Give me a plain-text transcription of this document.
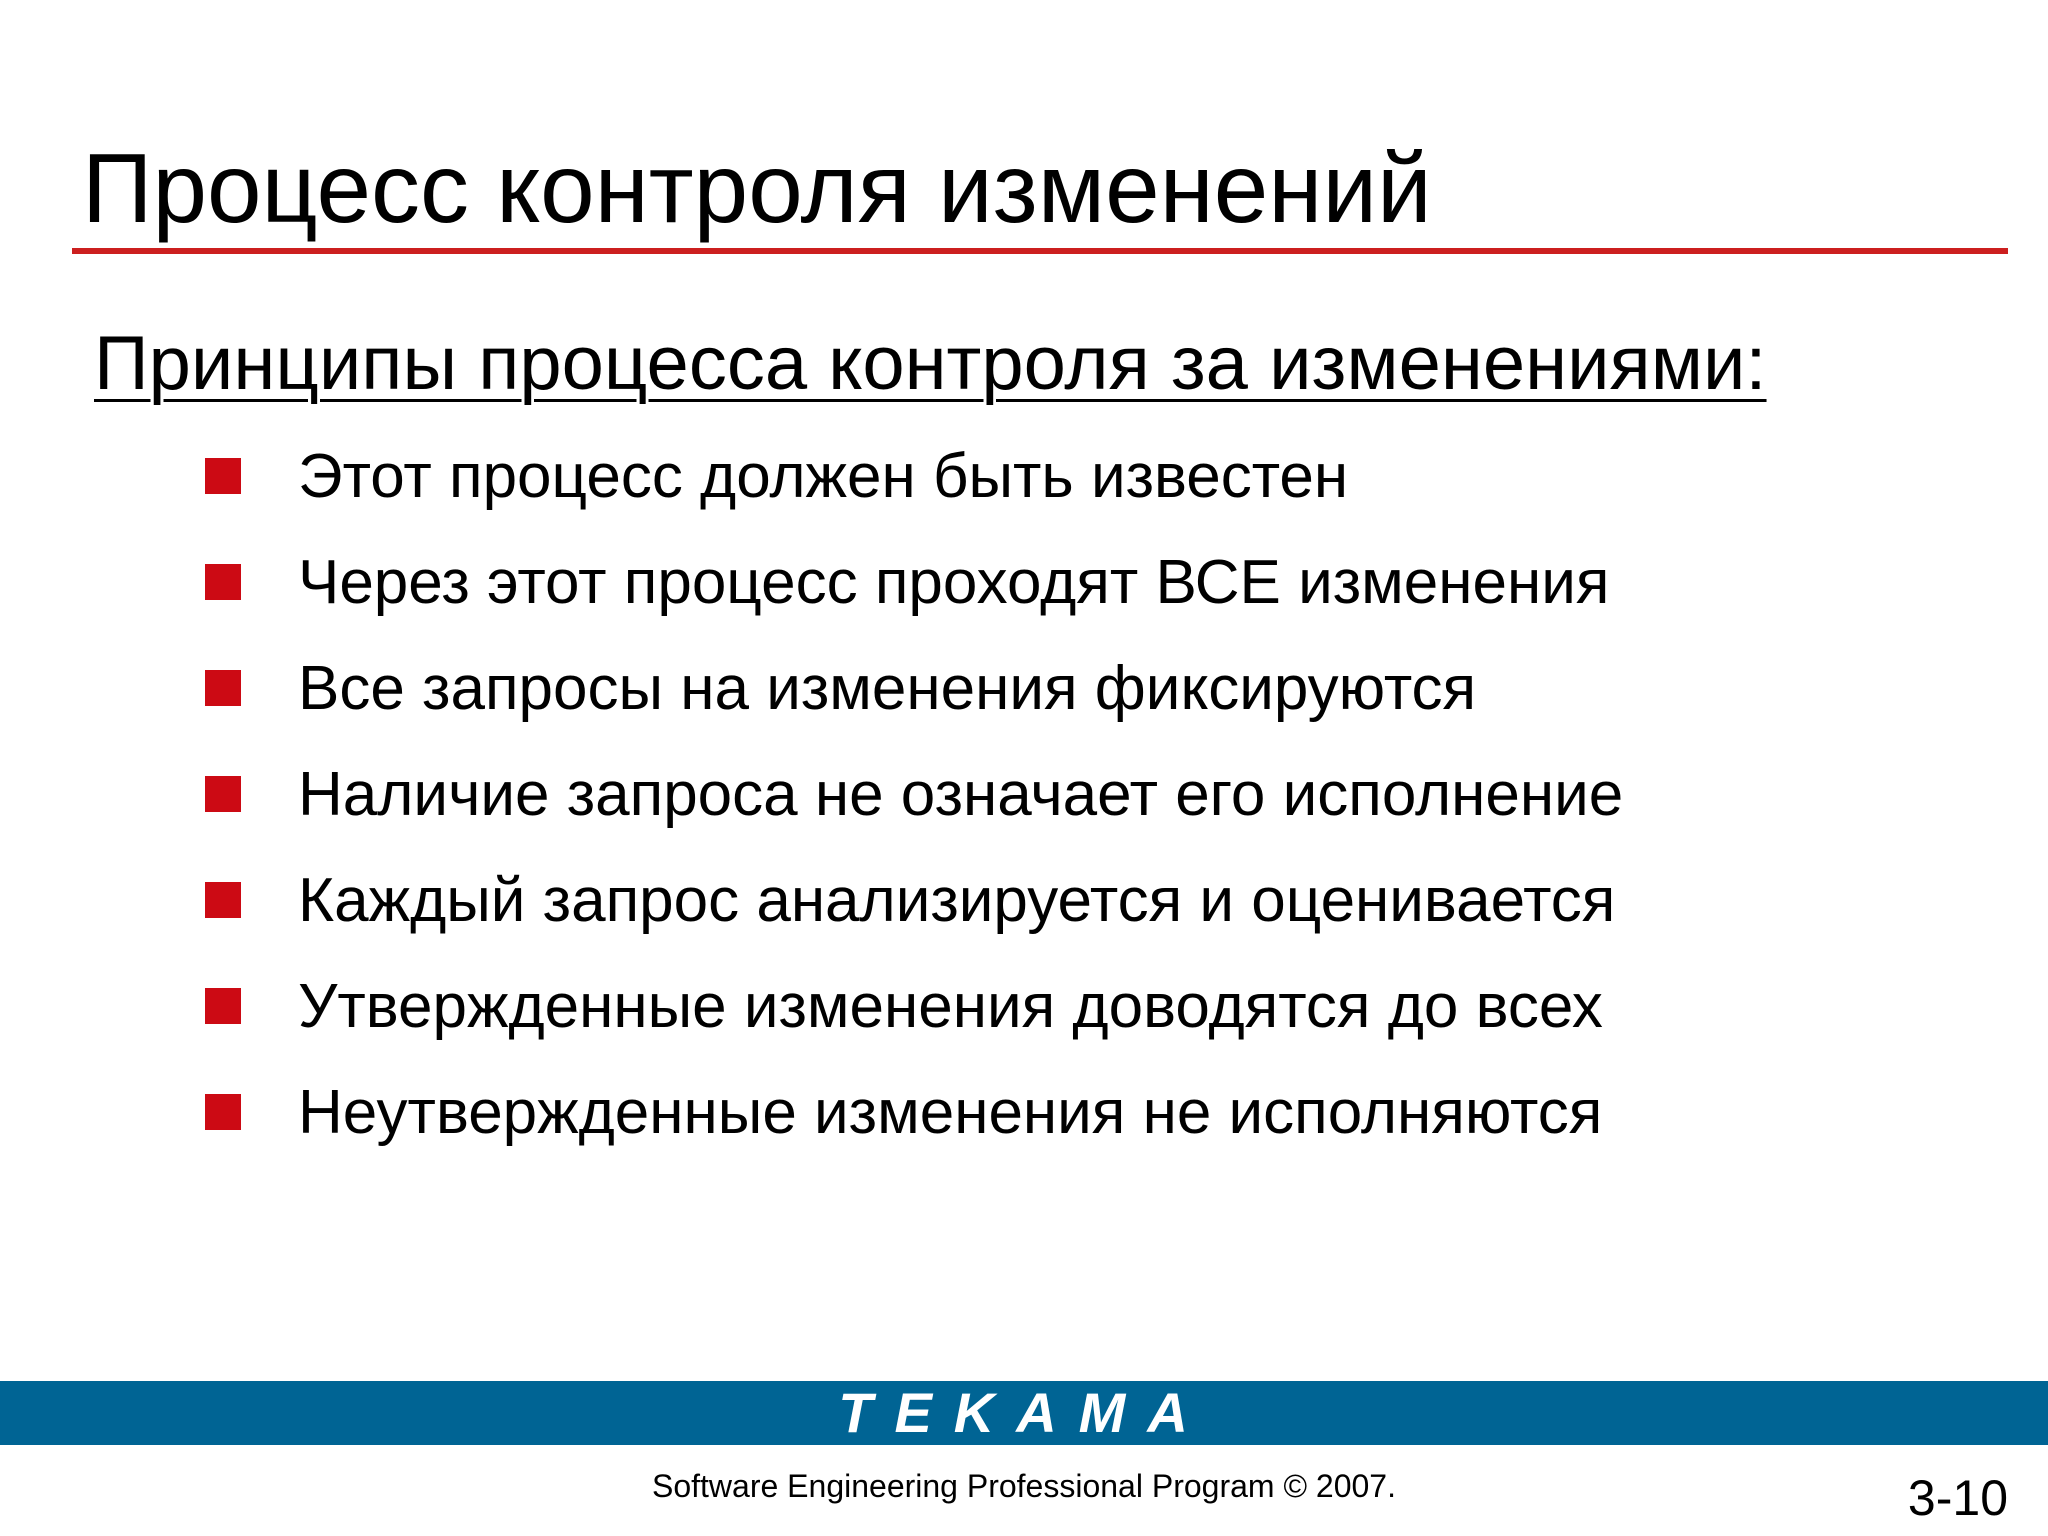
Процесс контроля изменений
Принципы процесса контроля за изменениями:
Этот процесс должен быть известен
Через этот процесс проходят ВСЕ изменения
Все запросы на изменения фиксируются
Наличие запроса не означает его исполнение
Каждый запрос анализируется и оценивается
Утвержденные изменения доводятся до всех
Неутвержденные изменения не исполняются
TEKAMA
Software Engineering Professional Program © 2007.	3-10
